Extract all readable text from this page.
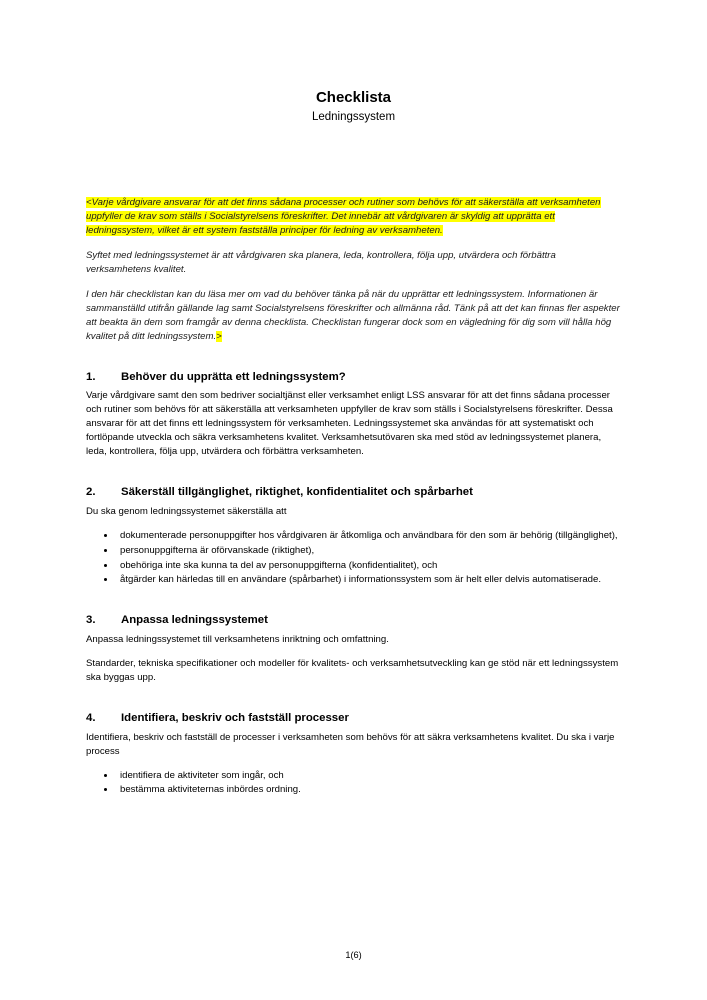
Checklista
Ledningssystem

<Varje vårdgivare ansvarar för att det finns sådana processer och rutiner som behövs för att säkerställa att verksamheten uppfyller de krav som ställs i Socialstyrelsens föreskrifter. Det innebär att vårdgivaren är skyldig att upprätta ett ledningssystem, vilket är ett system fastställa principer för ledning av verksamheten.

Syftet med ledningssystemet är att vårdgivaren ska planera, leda, kontrollera, följa upp, utvärdera och förbättra verksamhetens kvalitet.

I den här checklistan kan du läsa mer om vad du behöver tänka på när du upprättar ett ledningssystem. Informationen är sammanställd utifrån gällande lag samt Socialstyrelsens föreskrifter och allmänna råd. Tänk på att det kan finnas fler aspekter att beakta än dem som framgår av denna checklista. Checklistan fungerar dock som en vägledning för dig som vill hålla hög kvalitet på ditt ledningssystem.>

1. Behöver du upprätta ett ledningssystem?

Varje vårdgivare samt den som bedriver socialtjänst eller verksamhet enligt LSS ansvarar för att det finns sådana processer och rutiner som behövs för att säkerställa att verksamheten uppfyller de krav som ställs i Socialstyrelsens föreskrifter. Dessa ansvarar för att det finns ett ledningssystem för verksamheten. Ledningssystemet ska användas för att systematiskt och fortlöpande utveckla och säkra verksamhetens kvalitet. Verksamhetsutövaren ska med stöd av ledningssystemet planera, leda, kontrollera, följa upp, utvärdera och förbättra verksamheten.

2. Säkerställ tillgänglighet, riktighet, konfidentialitet och spårbarhet

Du ska genom ledningssystemet säkerställa att

• dokumenterade personuppgifter hos vårdgivaren är åtkomliga och användbara för den som är behörig (tillgänglighet),
• personuppgifterna är oförvanskade (riktighet),
• obehöriga inte ska kunna ta del av personuppgifterna (konfidentialitet), och
• åtgärder kan härledas till en användare (spårbarhet) i informationssystem som är helt eller delvis automatiserade.
3. Anpassa ledningssystemet

Anpassa ledningssystemet till verksamhetens inriktning och omfattning.

Standarder, tekniska specifikationer och modeller för kvalitets- och verksamhetsutveckling kan ge stöd när ett ledningssystem ska byggas upp.

4. Identifiera, beskriv och fastställ processer

Identifiera, beskriv och fastställ de processer i verksamheten som behövs för att säkra verksamhetens kvalitet. Du ska i varje process

• identifiera de aktiviteter som ingår, och
• bestämma aktiviteternas inbördes ordning.
1(6)
